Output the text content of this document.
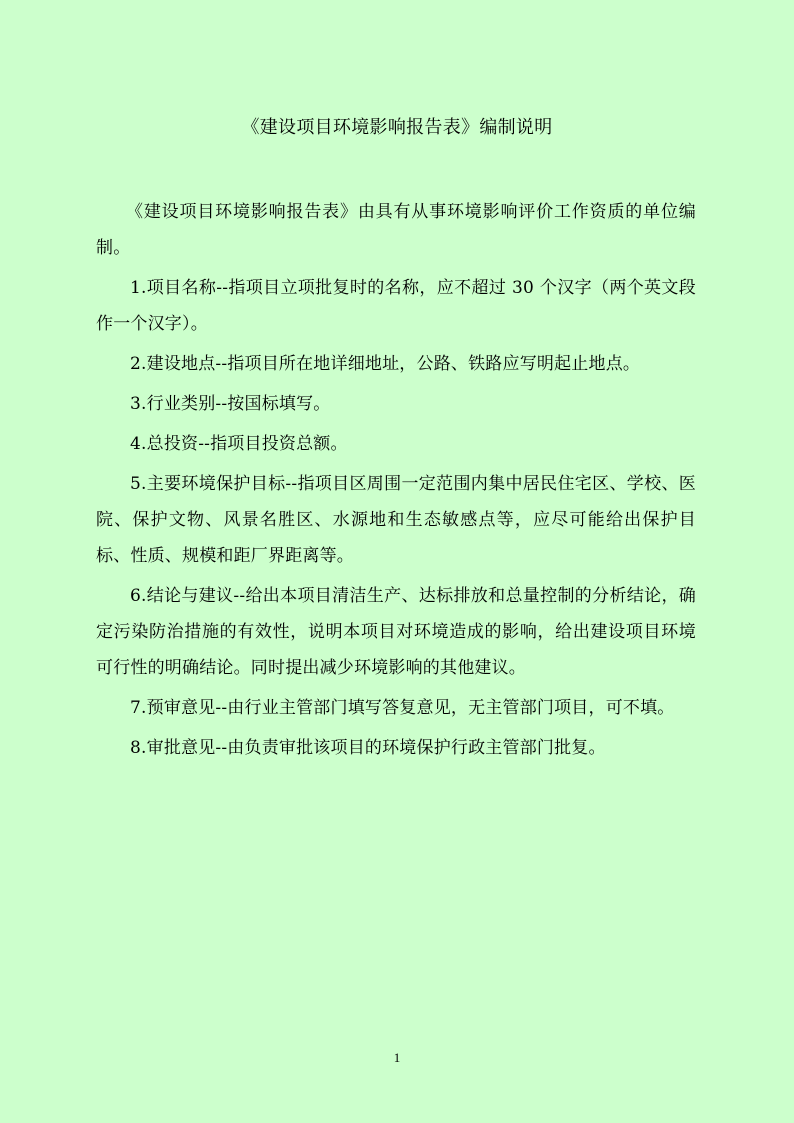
《建设项目环境影响报告表》编制说明

《建设项目环境影响报告表》由具有从事环境影响评价工作资质的单位编制。

1.项目名称--指项目立项批复时的名称，应不超过 30 个汉字（两个英文段作一个汉字）。

2.建设地点--指项目所在地详细地址，公路、铁路应写明起止地点。

3.行业类别--按国标填写。

4.总投资--指项目投资总额。

5.主要环境保护目标--指项目区周围一定范围内集中居民住宅区、学校、医院、保护文物、风景名胜区、水源地和生态敏感点等，应尽可能给出保护目标、性质、规模和距厂界距离等。

6.结论与建议--给出本项目清洁生产、达标排放和总量控制的分析结论，确定污染防治措施的有效性，说明本项目对环境造成的影响，给出建设项目环境可行性的明确结论。同时提出减少环境影响的其他建议。

7.预审意见--由行业主管部门填写答复意见，无主管部门项目，可不填。

8.审批意见--由负责审批该项目的环境保护行政主管部门批复。

1
